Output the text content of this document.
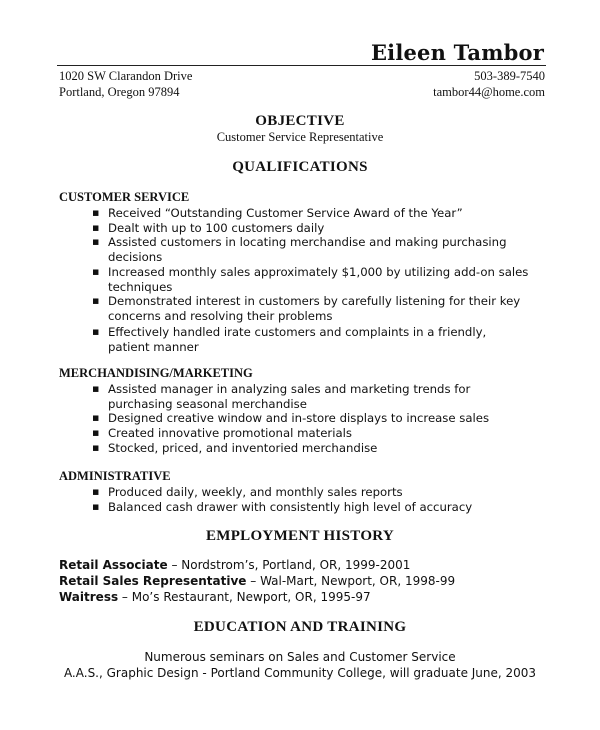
Eileen Tambor
1020 SW Clarandon Drive
Portland, Oregon 97894
503-389-7540
tambor44@home.com
OBJECTIVE
Customer Service Representative
QUALIFICATIONS
CUSTOMER SERVICE
▪ Received “Outstanding Customer Service Award of the Year”
▪ Dealt with up to 100 customers daily
▪ Assisted customers in locating merchandise and making purchasing decisions
▪ Increased monthly sales approximately $1,000 by utilizing add-on sales techniques
▪ Demonstrated interest in customers by carefully listening for their key concerns and resolving their problems
▪ Effectively handled irate customers and complaints in a friendly, patient manner
MERCHANDISING/MARKETING
▪ Assisted manager in analyzing sales and marketing trends for purchasing seasonal merchandise
▪ Designed creative window and in-store displays to increase sales
▪ Created innovative promotional materials
▪ Stocked, priced, and inventoried merchandise
ADMINISTRATIVE
▪ Produced daily, weekly, and monthly sales reports
▪ Balanced cash drawer with consistently high level of accuracy
EMPLOYMENT HISTORY
Retail Associate – Nordstrom’s, Portland, OR, 1999-2001
Retail Sales Representative – Wal-Mart, Newport, OR, 1998-99
Waitress – Mo’s Restaurant, Newport, OR, 1995-97
EDUCATION AND TRAINING
Numerous seminars on Sales and Customer Service
A.A.S., Graphic Design - Portland Community College, will graduate June, 2003
